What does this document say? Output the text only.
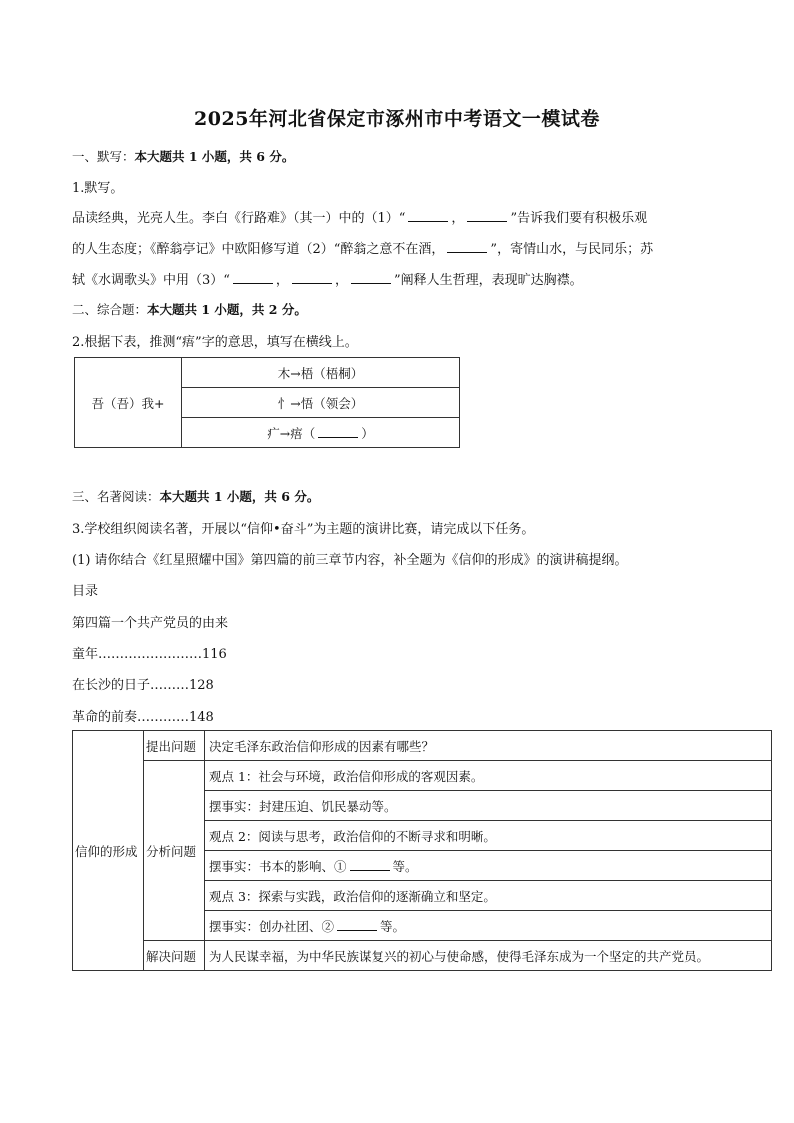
2025年河北省保定市涿州市中考语文一模试卷
一、默写：本大题共 1 小题，共 6 分。
1.默写。
品读经典，光亮人生。李白《行路难》（其一）中的（1）“	，	”告诉我们要有积极乐观
的人生态度；《醉翁亭记》中欧阳修写道（2）“醉翁之意不在酒，	”，寄情山水，与民同乐；苏
轼《水调歌头》中用（3）“	，	，	”阐释人生哲理，表现旷达胸襟。
二、综合题：本大题共 1 小题，共 2 分。
2.根据下表，推测“痦”字的意思，填写在横线上。
吾（吾）我+	木→梧（梧桐）
忄→悟（领会）
疒→痦（	）
三、名著阅读：本大题共 1 小题，共 6 分。
3.学校组织阅读名著，开展以“信仰•奋斗”为主题的演讲比赛，请完成以下任务。
(1) 请你结合《红星照耀中国》第四篇的前三章节内容，补全题为《信仰的形成》的演讲稿提纲。
目录
第四篇一个共产党员的由来
童年……………………116
在长沙的日子………128
革命的前奏…………148
信仰的形成	提出问题	决定毛泽东政治信仰形成的因素有哪些？
	分析问题	观点 1：社会与环境，政治信仰形成的客观因素。
		摆事实：封建压迫、饥民暴动等。
		观点 2：阅读与思考，政治信仰的不断寻求和明晰。
		摆事实：书本的影响、① 等。
		观点 3：探索与实践，政治信仰的逐渐确立和坚定。
		摆事实：创办社团、② 等。
	解决问题	为人民谋幸福，为中华民族谋复兴的初心与使命感，使得毛泽东成为一个坚定的共产党员。
